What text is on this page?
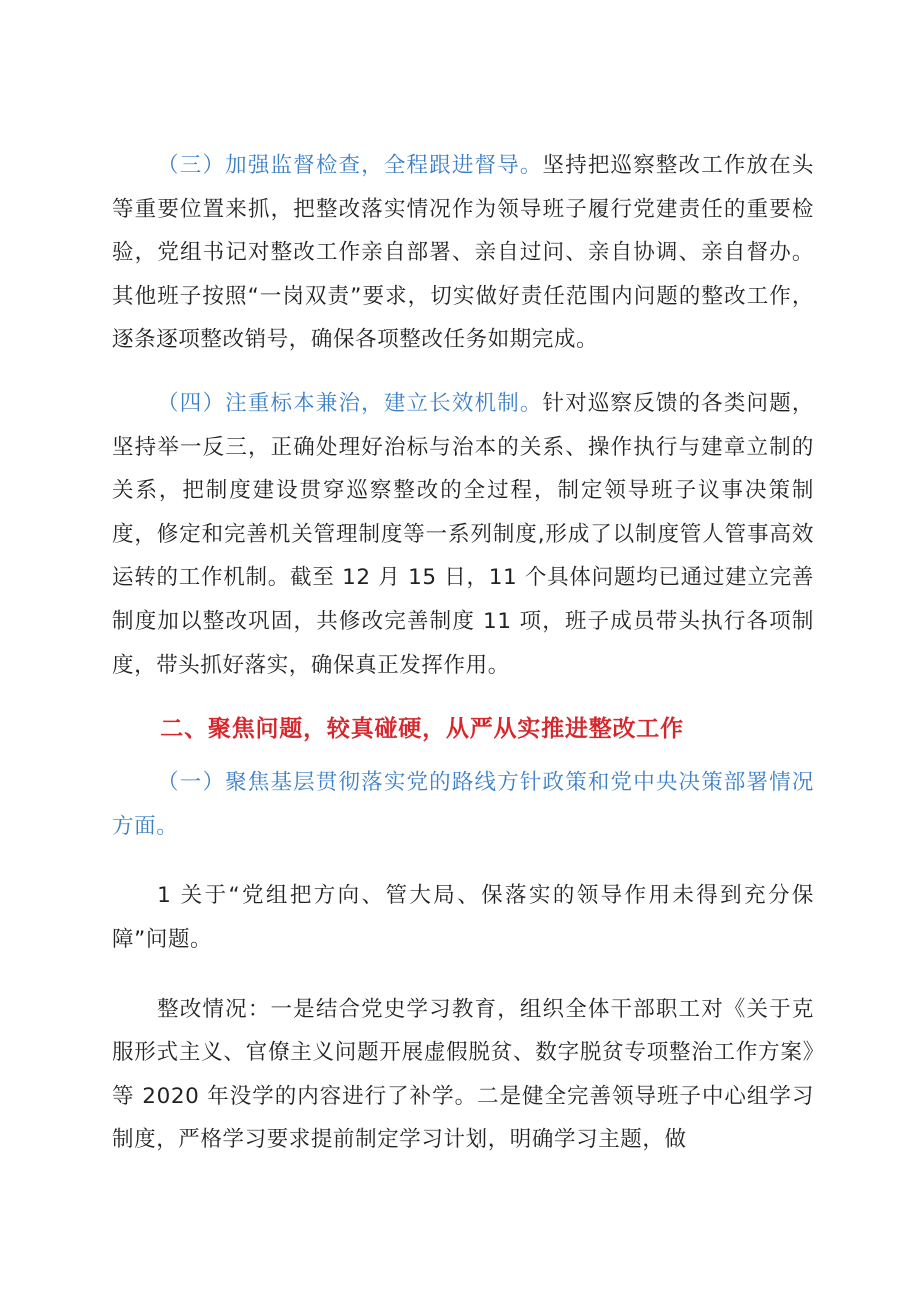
（三）加强监督检查，全程跟进督导。坚持把巡察整改工作放在头等重要位置来抓，把整改落实情况作为领导班子履行党建责任的重要检验，党组书记对整改工作亲自部署、亲自过问、亲自协调、亲自督办。其他班子按照“一岗双责”要求，切实做好责任范围内问题的整改工作，逐条逐项整改销号，确保各项整改任务如期完成。

（四）注重标本兼治，建立长效机制。针对巡察反馈的各类问题，坚持举一反三，正确处理好治标与治本的关系、操作执行与建章立制的关系，把制度建设贯穿巡察整改的全过程，制定领导班子议事决策制度，修定和完善机关管理制度等一系列制度,形成了以制度管人管事高效运转的工作机制。截至 12 月 15 日，11 个具体问题均已通过建立完善制度加以整改巩固，共修改完善制度 11 项，班子成员带头执行各项制度，带头抓好落实，确保真正发挥作用。

二、聚焦问题，较真碰硬，从严从实推进整改工作

（一）聚焦基层贯彻落实党的路线方针政策和党中央决策部署情况方面。

1 关于“党组把方向、管大局、保落实的领导作用未得到充分保障”问题。

整改情况：一是结合党史学习教育，组织全体干部职工对《关于克服形式主义、官僚主义问题开展虚假脱贫、数字脱贫专项整治工作方案》等 2020 年没学的内容进行了补学。二是健全完善领导班子中心组学习制度，严格学习要求提前制定学习计划，明确学习主题，做
